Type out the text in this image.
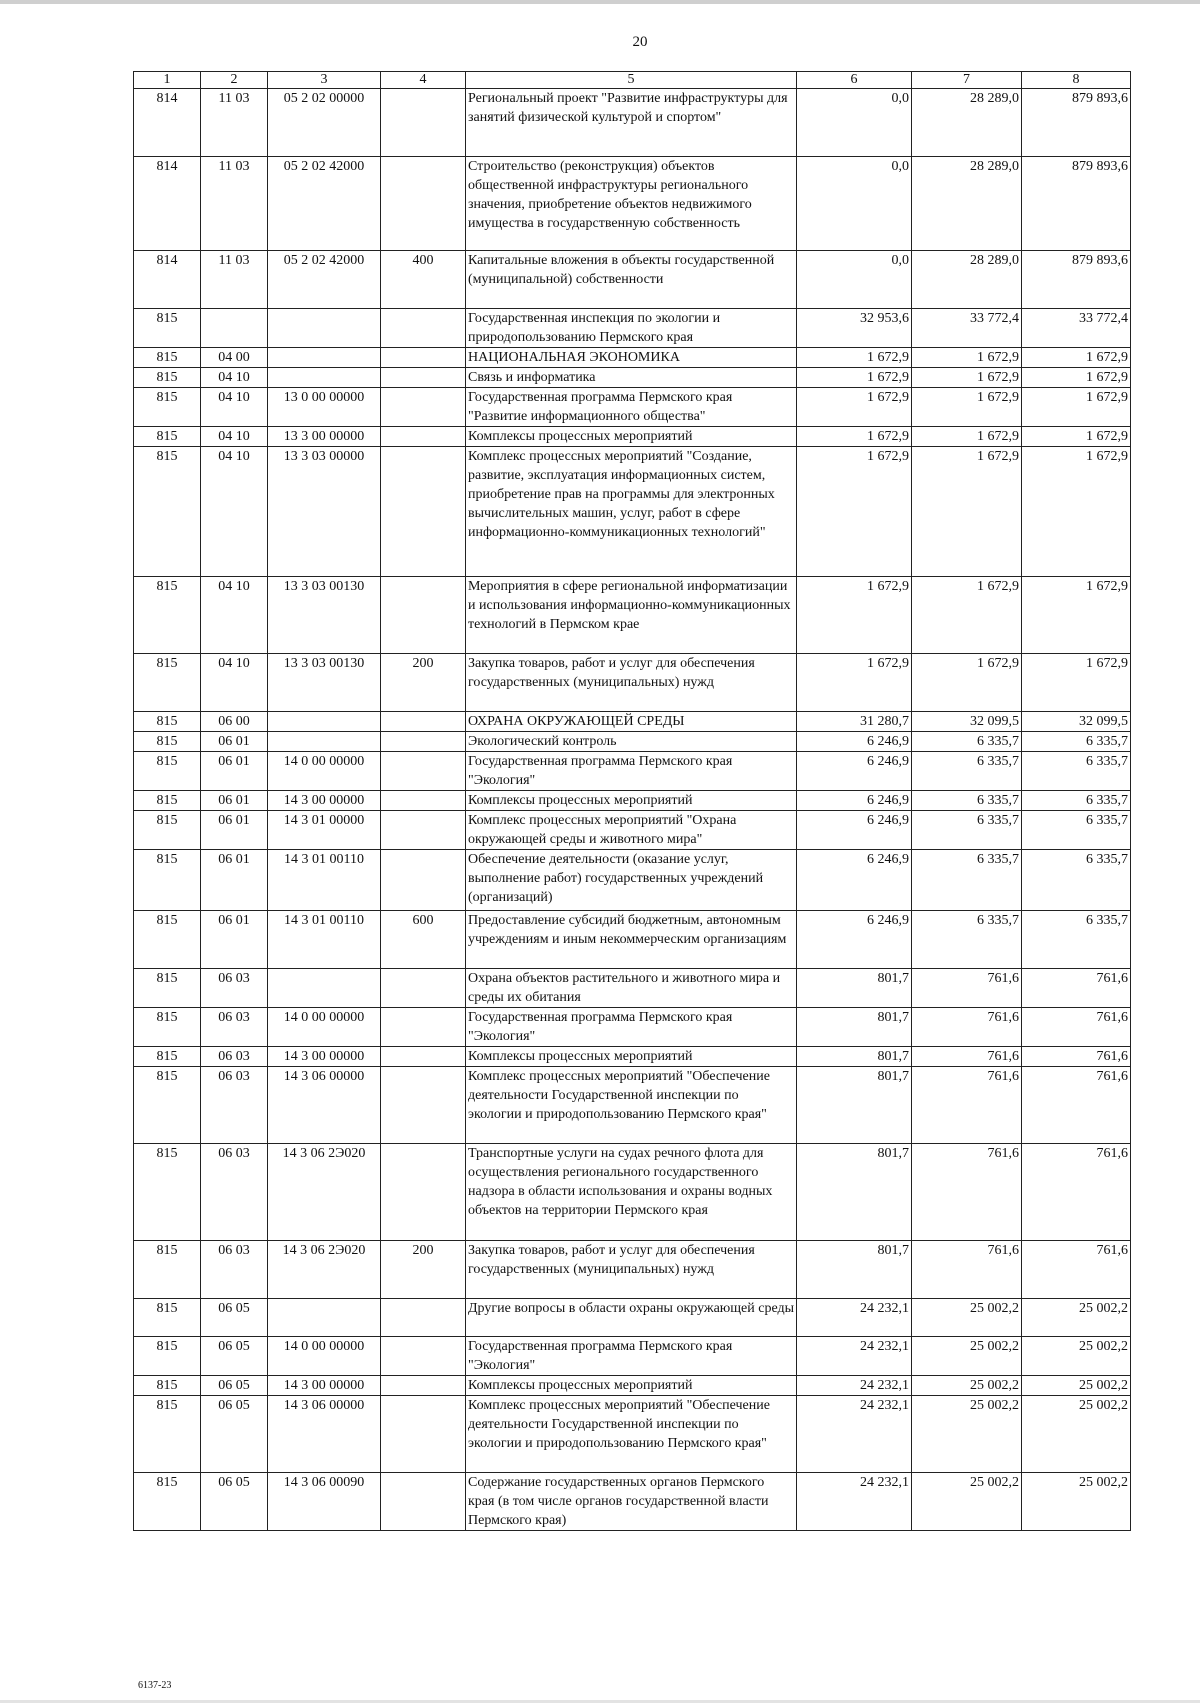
20
1	2	3	4	5	6	7	8
814	11 03	05 2 02 00000		Региональный проект "Развитие инфраструктуры для занятий физической культурой и спортом"	0,0	28 289,0	879 893,6
814	11 03	05 2 02 42000		Строительство (реконструкция) объектов общественной инфраструктуры регионального значения, приобретение объектов недвижимого имущества в государственную собственность	0,0	28 289,0	879 893,6
814	11 03	05 2 02 42000	400	Капитальные вложения в объекты государственной (муниципальной) собственности	0,0	28 289,0	879 893,6
815				Государственная инспекция по экологии и природопользованию Пермского края	32 953,6	33 772,4	33 772,4
815	04 00			НАЦИОНАЛЬНАЯ ЭКОНОМИКА	1 672,9	1 672,9	1 672,9
815	04 10			Связь и информатика	1 672,9	1 672,9	1 672,9
815	04 10	13 0 00 00000		Государственная программа Пермского края "Развитие информационного общества"	1 672,9	1 672,9	1 672,9
815	04 10	13 3 00 00000		Комплексы процессных мероприятий	1 672,9	1 672,9	1 672,9
815	04 10	13 3 03 00000		Комплекс процессных мероприятий "Создание, развитие, эксплуатация информационных систем, приобретение прав на программы для электронных вычислительных машин, услуг, работ в сфере информационно-коммуникационных технологий"	1 672,9	1 672,9	1 672,9
815	04 10	13 3 03 00130		Мероприятия в сфере региональной информатизации и использования информационно-коммуникационных технологий в Пермском крае	1 672,9	1 672,9	1 672,9
815	04 10	13 3 03 00130	200	Закупка товаров, работ и услуг для обеспечения государственных (муниципальных) нужд	1 672,9	1 672,9	1 672,9
815	06 00			ОХРАНА ОКРУЖАЮЩЕЙ СРЕДЫ	31 280,7	32 099,5	32 099,5
815	06 01			Экологический контроль	6 246,9	6 335,7	6 335,7
815	06 01	14 0 00 00000		Государственная программа Пермского края "Экология"	6 246,9	6 335,7	6 335,7
815	06 01	14 3 00 00000		Комплексы процессных мероприятий	6 246,9	6 335,7	6 335,7
815	06 01	14 3 01 00000		Комплекс процессных мероприятий "Охрана окружающей среды и животного мира"	6 246,9	6 335,7	6 335,7
815	06 01	14 3 01 00110		Обеспечение деятельности (оказание услуг, выполнение работ) государственных учреждений (организаций)	6 246,9	6 335,7	6 335,7
815	06 01	14 3 01 00110	600	Предоставление субсидий бюджетным, автономным учреждениям и иным некоммерческим организациям	6 246,9	6 335,7	6 335,7
815	06 03			Охрана объектов растительного и животного мира и среды их обитания	801,7	761,6	761,6
815	06 03	14 0 00 00000		Государственная программа Пермского края "Экология"	801,7	761,6	761,6
815	06 03	14 3 00 00000		Комплексы процессных мероприятий	801,7	761,6	761,6
815	06 03	14 3 06 00000		Комплекс процессных мероприятий "Обеспечение деятельности Государственной инспекции по экологии и природопользованию Пермского края"	801,7	761,6	761,6
815	06 03	14 3 06 2Э020		Транспортные услуги на судах речного флота для осуществления регионального государственного надзора в области использования и охраны водных объектов на территории Пермского края	801,7	761,6	761,6
815	06 03	14 3 06 2Э020	200	Закупка товаров, работ и услуг для обеспечения государственных (муниципальных) нужд	801,7	761,6	761,6
815	06 05			Другие вопросы в области охраны окружающей среды	24 232,1	25 002,2	25 002,2
815	06 05	14 0 00 00000		Государственная программа Пермского края "Экология"	24 232,1	25 002,2	25 002,2
815	06 05	14 3 00 00000		Комплексы процессных мероприятий	24 232,1	25 002,2	25 002,2
815	06 05	14 3 06 00000		Комплекс процессных мероприятий "Обеспечение деятельности Государственной инспекции по экологии и природопользованию Пермского края"	24 232,1	25 002,2	25 002,2
815	06 05	14 3 06 00090		Содержание государственных органов Пермского края (в том числе органов государственной власти Пермского края)	24 232,1	25 002,2	25 002,2
6137-23
